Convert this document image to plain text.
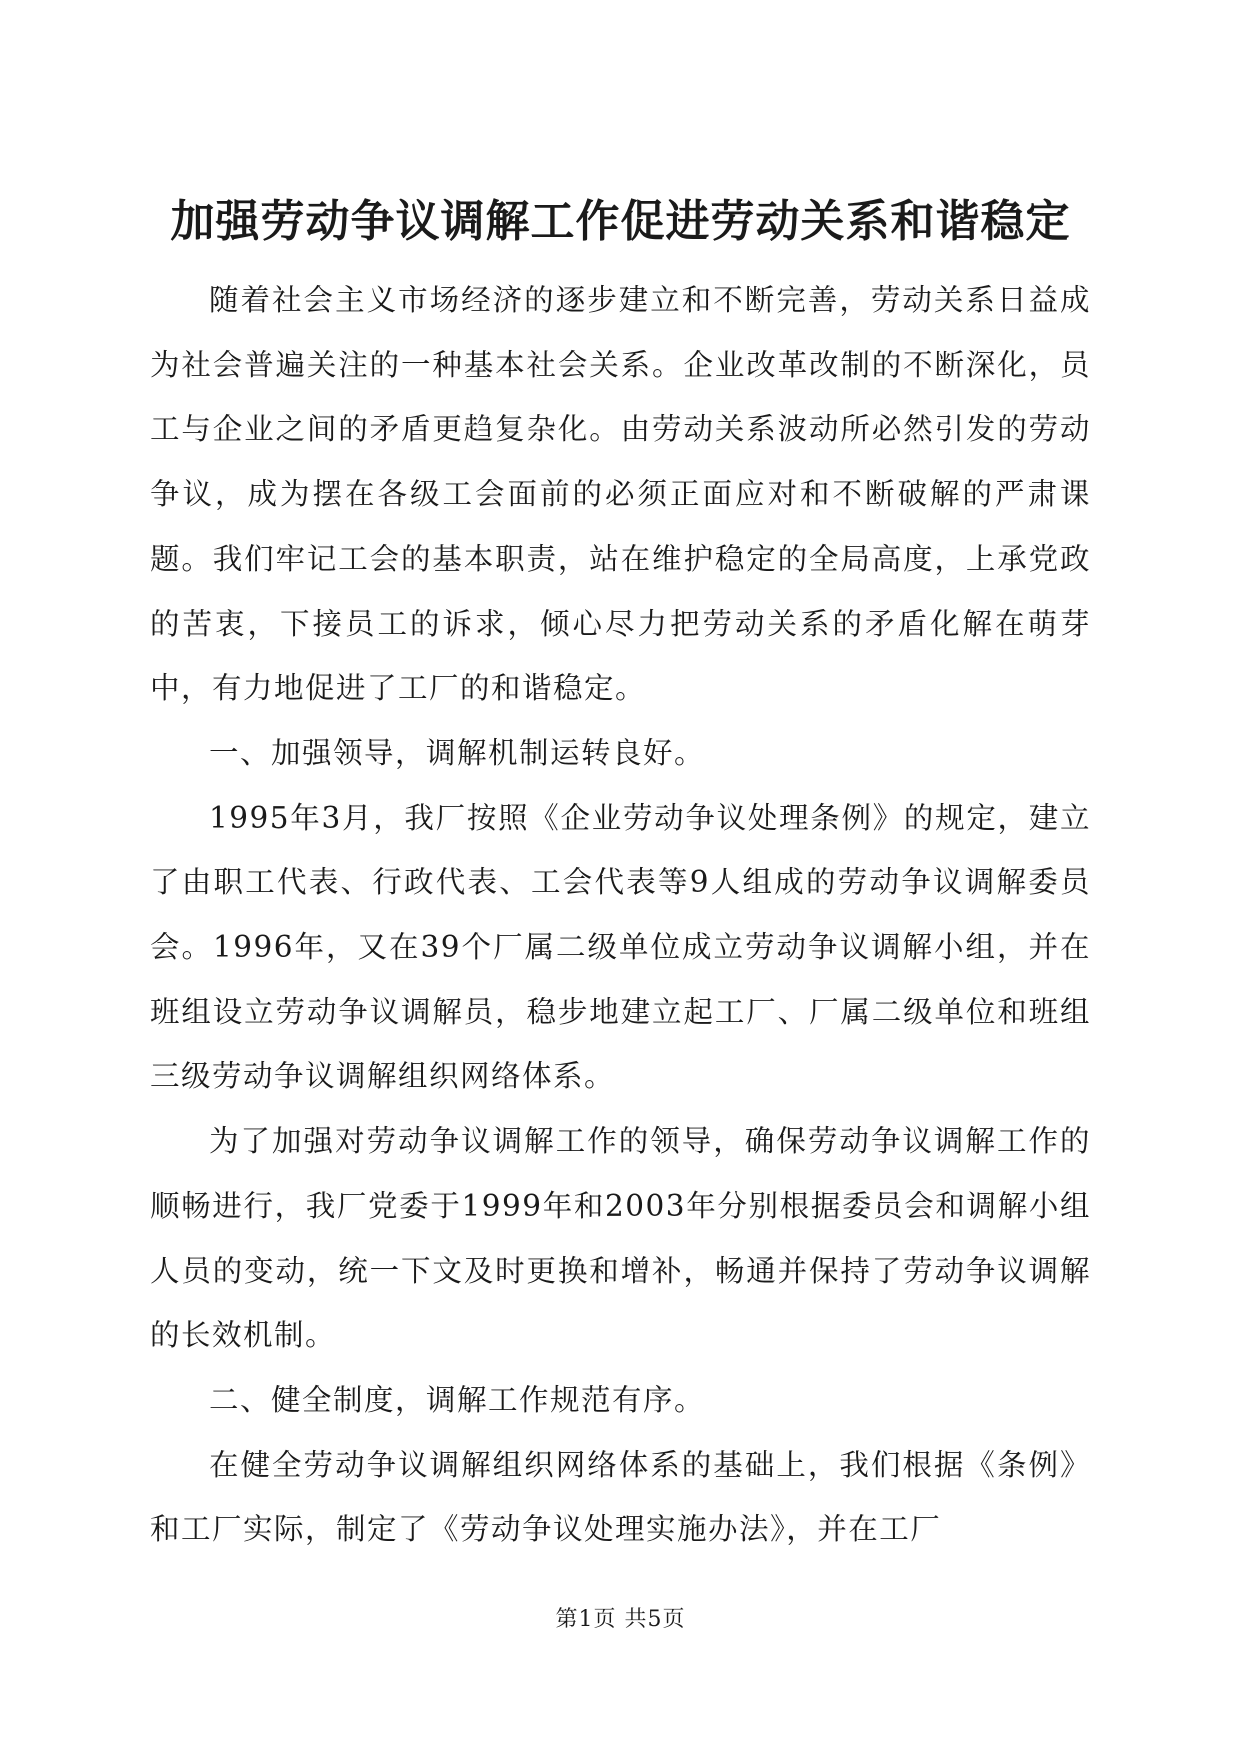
加强劳动争议调解工作促进劳动关系和谐稳定

随着社会主义市场经济的逐步建立和不断完善，劳动关系日益成为社会普遍关注的一种基本社会关系。企业改革改制的不断深化，员工与企业之间的矛盾更趋复杂化。由劳动关系波动所必然引发的劳动争议，成为摆在各级工会面前的必须正面应对和不断破解的严肃课题。我们牢记工会的基本职责，站在维护稳定的全局高度，上承党政的苦衷，下接员工的诉求，倾心尽力把劳动关系的矛盾化解在萌芽中，有力地促进了工厂的和谐稳定。

一、加强领导，调解机制运转良好。

1995年3月，我厂按照《企业劳动争议处理条例》的规定，建立了由职工代表、行政代表、工会代表等9人组成的劳动争议调解委员会。1996年，又在39个厂属二级单位成立劳动争议调解小组，并在班组设立劳动争议调解员，稳步地建立起工厂、厂属二级单位和班组三级劳动争议调解组织网络体系。

为了加强对劳动争议调解工作的领导，确保劳动争议调解工作的顺畅进行，我厂党委于1999年和2003年分别根据委员会和调解小组人员的变动，统一下文及时更换和增补，畅通并保持了劳动争议调解的长效机制。

二、健全制度，调解工作规范有序。

在健全劳动争议调解组织网络体系的基础上，我们根据《条例》和工厂实际，制定了《劳动争议处理实施办法》，并在工厂

第1页 共5页
